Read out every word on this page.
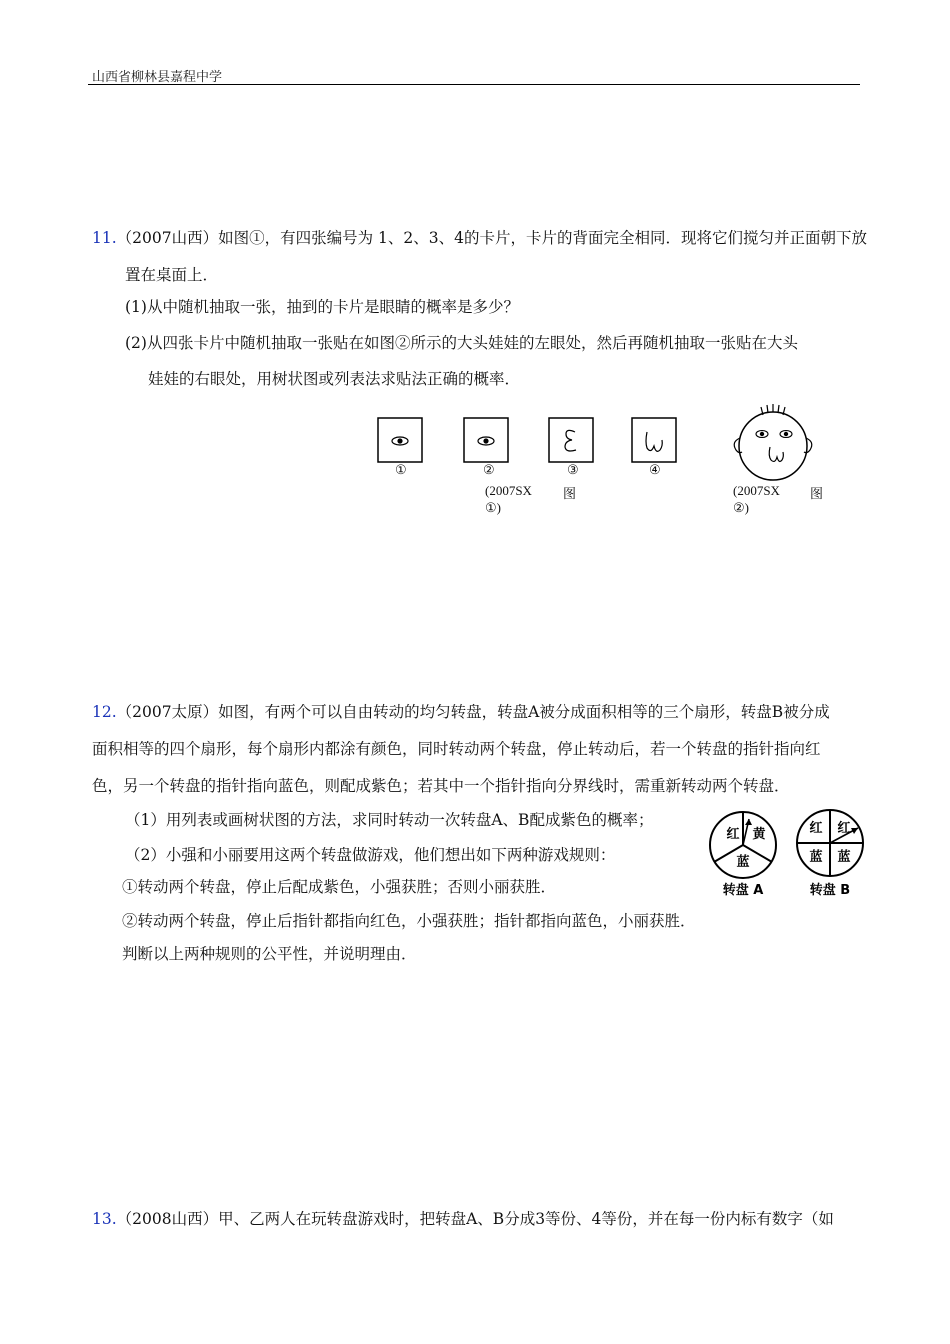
山西省柳林县嘉程中学
11.（2007山西）如图①，有四张编号为 1、2、3、4的卡片，卡片的背面完全相同．现将它们搅匀并正面朝下放
置在桌面上．
(1)从中随机抽取一张，抽到的卡片是眼睛的概率是多少？
(2)从四张卡片中随机抽取一张贴在如图②所示的大头娃娃的左眼处，然后再随机抽取一张贴在大头
娃娃的右眼处，用树状图或列表法求贴法正确的概率．
①	②	③	④
(2007SX 图
①)
(2007SX 图
②)
12.（2007太原）如图，有两个可以自由转动的均匀转盘，转盘A被分成面积相等的三个扇形，转盘B被分成
面积相等的四个扇形，每个扇形内都涂有颜色，同时转动两个转盘，停止转动后，若一个转盘的指针指向红
色，另一个转盘的指针指向蓝色，则配成紫色；若其中一个指针指向分界线时，需重新转动两个转盘．
（1）用列表或画树状图的方法，求同时转动一次转盘A、B配成紫色的概率；
（2）小强和小丽要用这两个转盘做游戏，他们想出如下两种游戏规则：
①转动两个转盘，停止后配成紫色，小强获胜；否则小丽获胜．
②转动两个转盘，停止后指针都指向红色，小强获胜；指针都指向蓝色，小丽获胜．
判断以上两种规则的公平性，并说明理由．
红 黄
蓝
转盘 A
红 红
蓝 蓝
转盘 B
13.（2008山西）甲、乙两人在玩转盘游戏时，把转盘A、B分成3等份、4等份，并在每一份内标有数字（如
